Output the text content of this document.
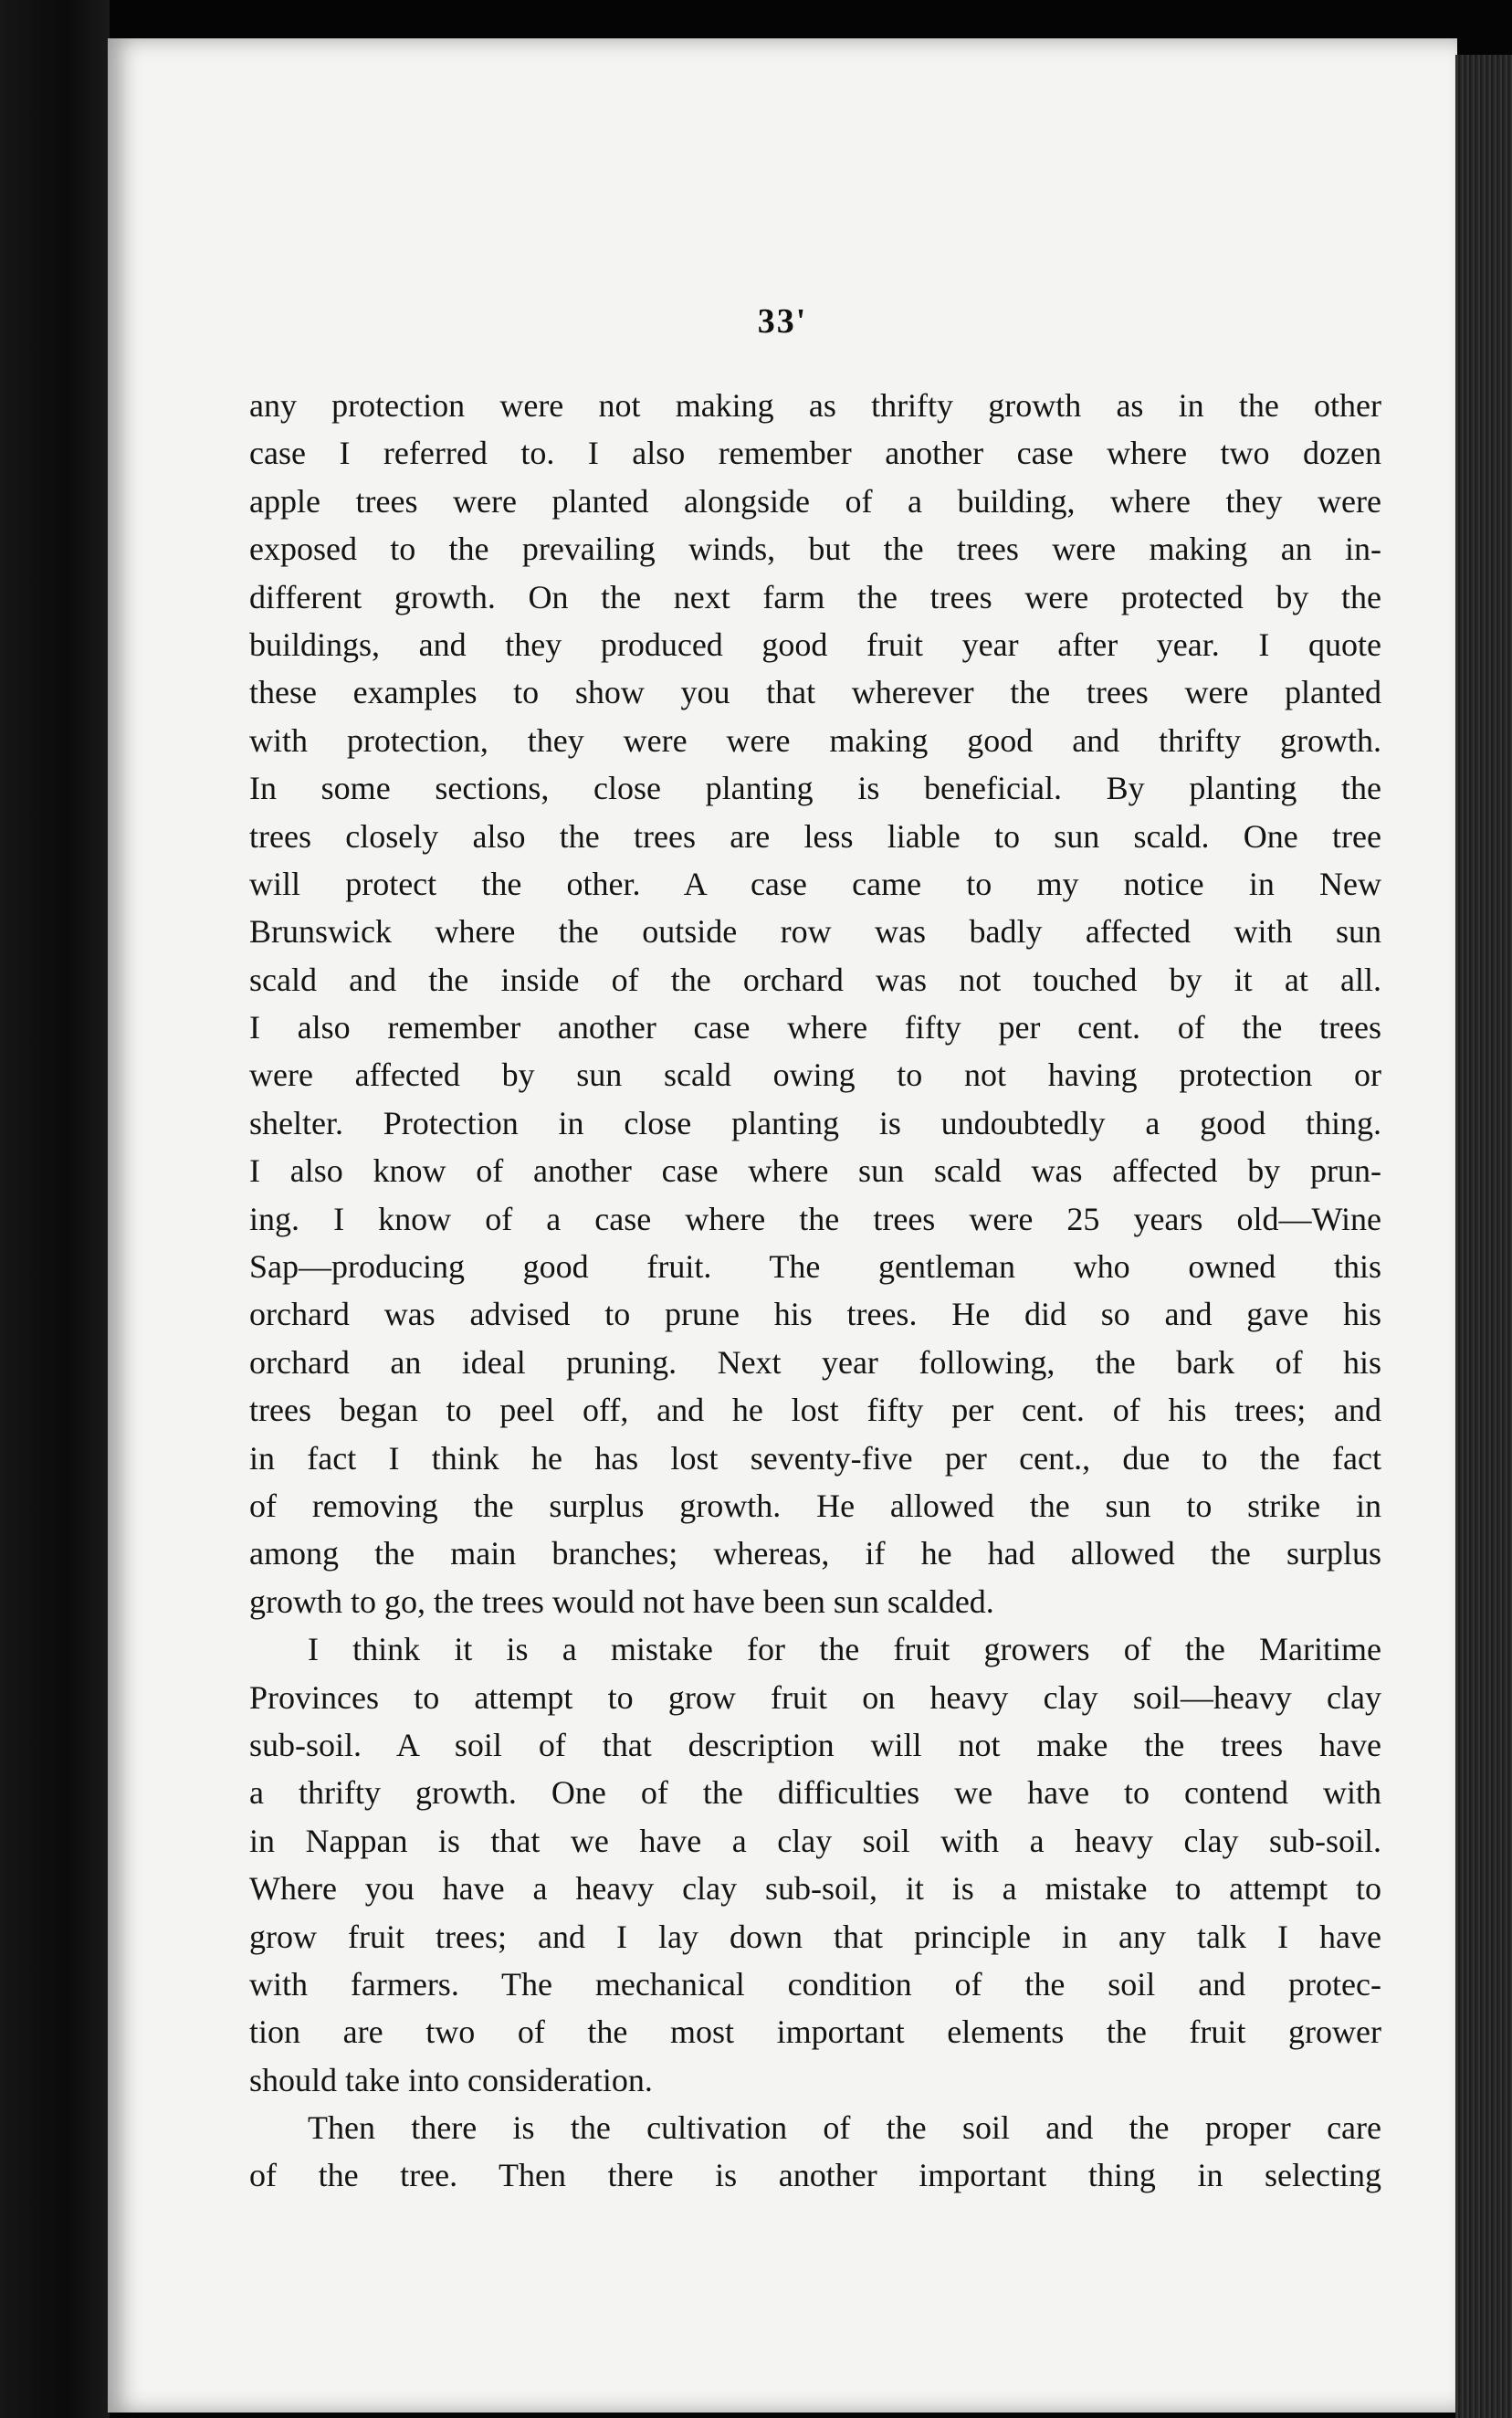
33'
any protection were not making as thrifty growth as in the other
case I referred to. I also remember another case where two dozen
apple trees were planted alongside of a building, where they were
exposed to the prevailing winds, but the trees were making an in-
different growth. On the next farm the trees were protected by the
buildings, and they produced good fruit year after year. I quote
these examples to show you that wherever the trees were planted
with protection, they were were making good and thrifty growth.
In some sections, close planting is beneficial. By planting the
trees closely also the trees are less liable to sun scald. One tree
will protect the other. A case came to my notice in New
Brunswick where the outside row was badly affected with sun
scald and the inside of the orchard was not touched by it at all.
I also remember another case where fifty per cent. of the trees
were affected by sun scald owing to not having protection or
shelter. Protection in close planting is undoubtedly a good thing.
I also know of another case where sun scald was affected by prun-
ing. I know of a case where the trees were 25 years old—Wine
Sap—producing good fruit. The gentleman who owned this
orchard was advised to prune his trees. He did so and gave his
orchard an ideal pruning. Next year following, the bark of his
trees began to peel off, and he lost fifty per cent. of his trees; and
in fact I think he has lost seventy-five per cent., due to the fact
of removing the surplus growth. He allowed the sun to strike in
among the main branches; whereas, if he had allowed the surplus
growth to go, the trees would not have been sun scalded.
I think it is a mistake for the fruit growers of the Maritime
Provinces to attempt to grow fruit on heavy clay soil—heavy clay
sub-soil. A soil of that description will not make the trees have
a thrifty growth. One of the difficulties we have to contend with
in Nappan is that we have a clay soil with a heavy clay sub-soil.
Where you have a heavy clay sub-soil, it is a mistake to attempt to
grow fruit trees; and I lay down that principle in any talk I have
with farmers. The mechanical condition of the soil and protec-
tion are two of the most important elements the fruit grower
should take into consideration.
Then there is the cultivation of the soil and the proper care
of the tree. Then there is another important thing in selecting
